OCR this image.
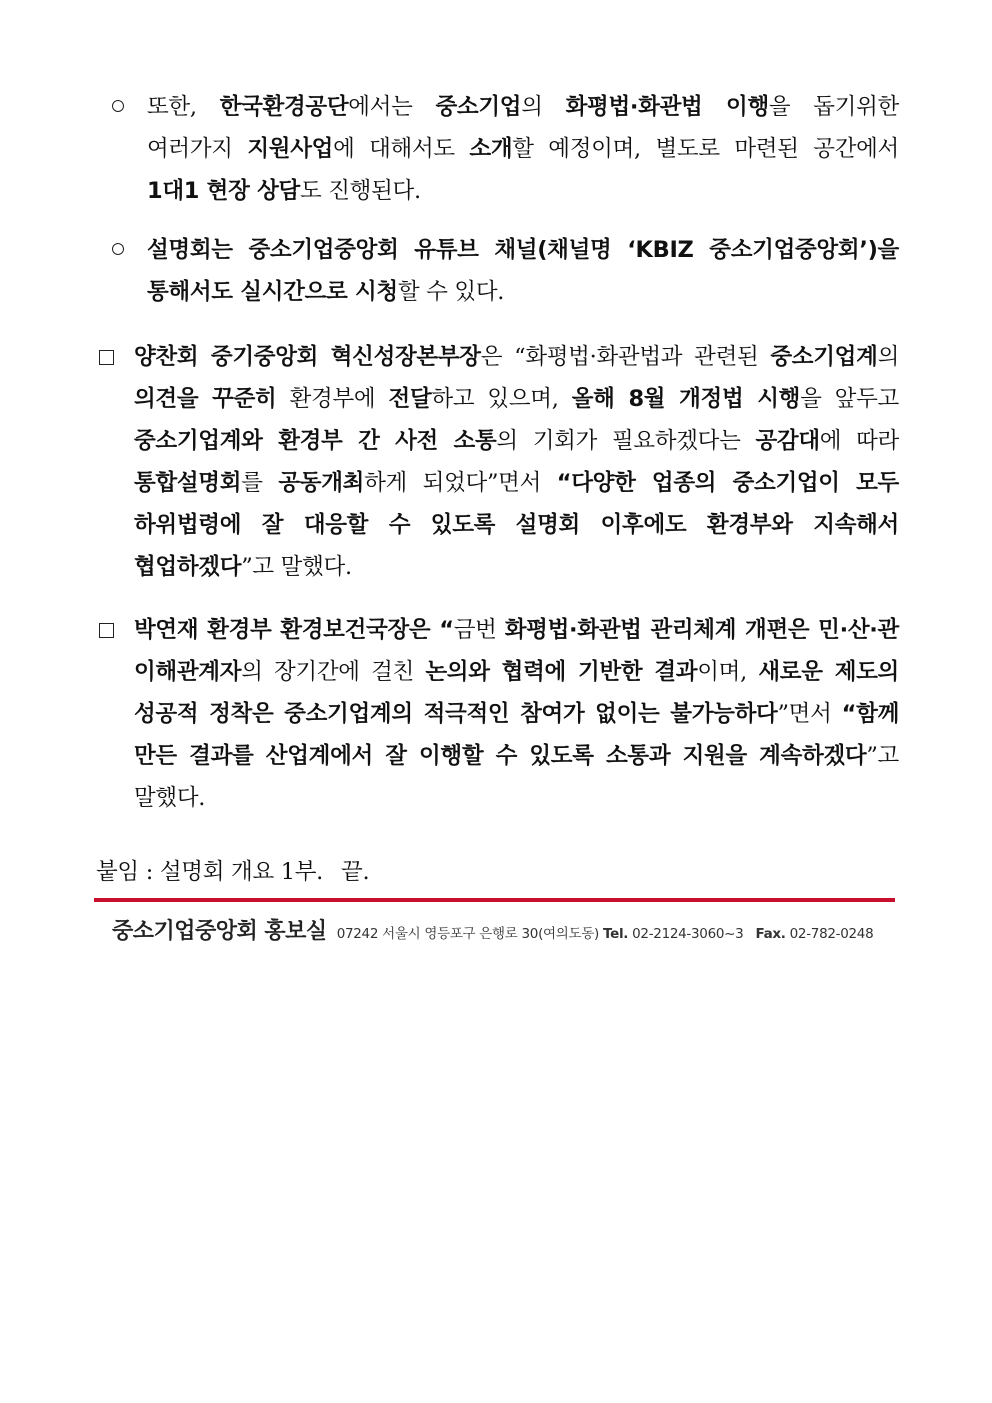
또한, 한국환경공단에서는 중소기업의 화평법·화관법 이행을 돕기위한 여러가지 지원사업에 대해서도 소개할 예정이며, 별도로 마련된 공간에서 1대1 현장 상담도 진행된다.
설명회는 중소기업중앙회 유튜브 채널(채널명 ‘KBIZ 중소기업중앙회’)을 통해서도 실시간으로 시청할 수 있다.
양찬회 중기중앙회 혁신성장본부장은 “화평법·화관법과 관련된 중소기업계의 의견을 꾸준히 환경부에 전달하고 있으며, 올해 8월 개정법 시행을 앞두고 중소기업계와 환경부 간 사전 소통의 기회가 필요하겠다는 공감대에 따라 통합설명회를 공동개최하게 되었다”면서 “다양한 업종의 중소기업이 모두 하위법령에 잘 대응할 수 있도록 설명회 이후에도 환경부와 지속해서 협업하겠다”고 말했다.
박연재 환경부 환경보건국장은 “금번 화평법·화관법 관리체계 개편은 민·산·관 이해관계자의 장기간에 걸친 논의와 협력에 기반한 결과이며, 새로운 제도의 성공적 정착은 중소기업계의 적극적인 참여가 없이는 불가능하다”면서 “함께 만든 결과를 산업계에서 잘 이행할 수 있도록 소통과 지원을 계속하겠다”고 말했다.
붙임 : 설명회 개요 1부. 끝.
중소기업중앙회 홍보실 07242 서울시 영등포구 은행로 30(여의도동) Tel. 02-2124-3060~3 Fax. 02-782-0248
